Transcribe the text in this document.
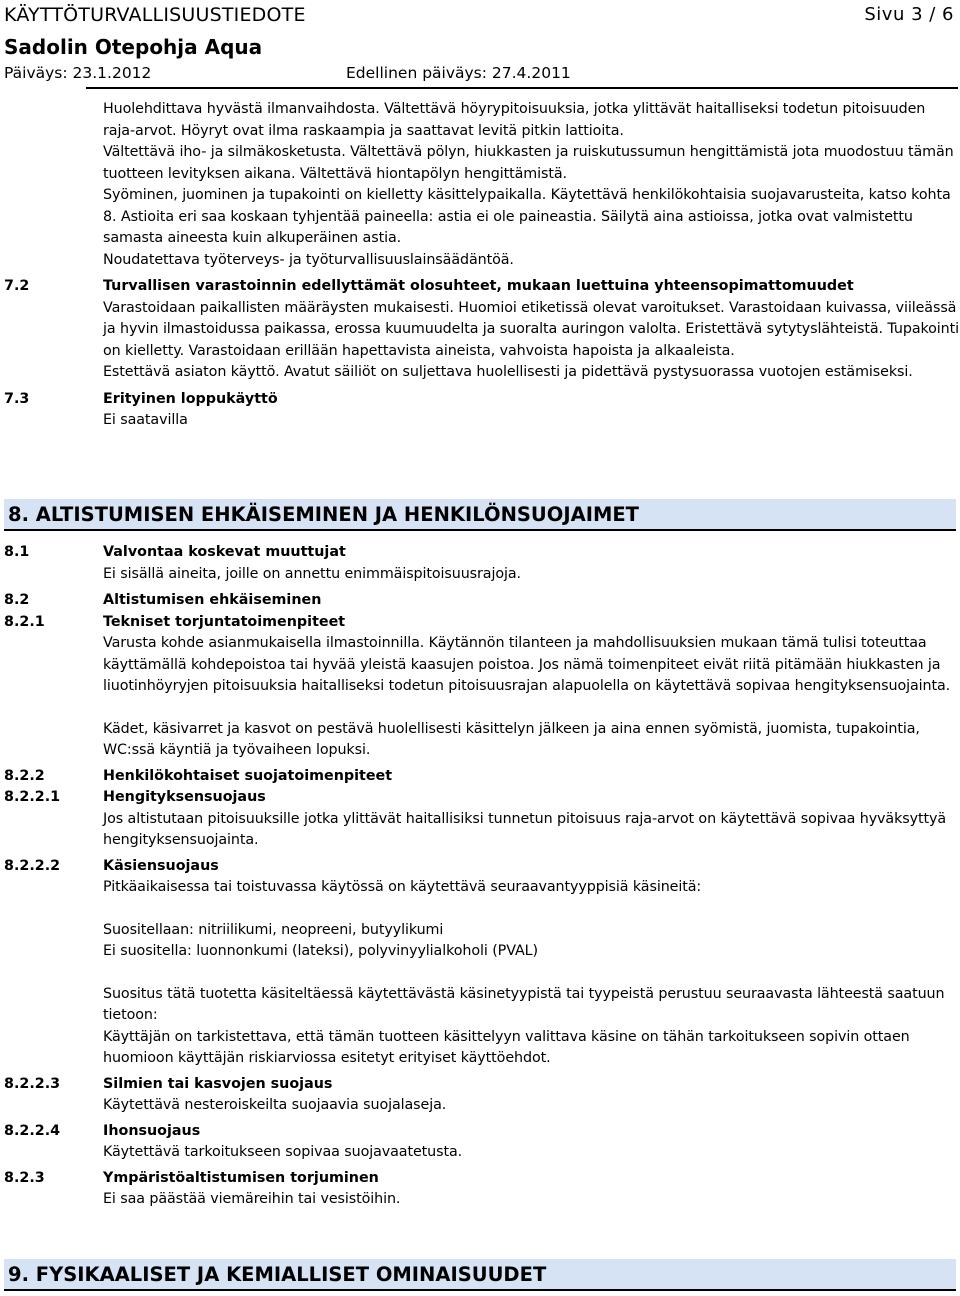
KÄYTTÖTURVALLISUUSTIEDOTE	Sivu 3 / 6
Sadolin Otepohja Aqua
Päiväys: 23.1.2012	Edellinen päiväys: 27.4.2011

Huolehdittava hyvästä ilmanvaihdosta. Vältettävä höyrypitoisuuksia, jotka ylittävät haitalliseksi todetun pitoisuuden raja-arvot. Höyryt ovat ilma raskaampia ja saattavat levitä pitkin lattioita.

Vältettävä iho- ja silmäkosketusta. Vältettävä pölyn, hiukkasten ja ruiskutussumun hengittämistä jota muodostuu tämän tuotteen levityksen aikana. Vältettävä hiontapölyn hengittämistä.

Syöminen, juominen ja tupakointi on kielletty käsittelypaikalla. Käytettävä henkilökohtaisia suojavarusteita, katso kohta 8. Astioita eri saa koskaan tyhjentää paineella: astia ei ole paineastia. Säilytä aina astioissa, jotka ovat valmistettu samasta aineesta kuin alkuperäinen astia.

Noudatettava työterveys- ja työturvallisuuslainsäädäntöä.

7.2	Turvallisen varastoinnin edellyttämät olosuhteet, mukaan luettuina yhteensopimattomuudet

Varastoidaan paikallisten määräysten mukaisesti. Huomioi etiketissä olevat varoitukset. Varastoidaan kuivassa, viileässä ja hyvin ilmastoidussa paikassa, erossa kuumuudelta ja suoralta auringon valolta. Eristettävä sytytyslähteistä. Tupakointi on kielletty. Varastoidaan erillään hapettavista aineista, vahvoista hapoista ja alkaaleista.

Estettävä asiaton käyttö. Avatut säiliöt on suljettava huolellisesti ja pidettävä pystysuorassa vuotojen estämiseksi.

7.3	Erityinen loppukäyttö

Ei saatavilla

8. ALTISTUMISEN EHKÄISEMINEN JA HENKILÖNSUOJAIMET
8.1	Valvontaa koskevat muuttujat

Ei sisällä aineita, joille on annettu enimmäispitoisuusrajoja.

8.2	Altistumisen ehkäiseminen
8.2.1	Tekniset torjuntatoimenpiteet

Varusta kohde asianmukaisella ilmastoinnilla. Käytännön tilanteen ja mahdollisuuksien mukaan tämä tulisi toteuttaa käyttämällä kohdepoistoa tai hyvää yleistä kaasujen poistoa. Jos nämä toimenpiteet eivät riitä pitämään hiukkasten ja liuotinhöyryjen pitoisuuksia haitalliseksi todetun pitoisuusrajan alapuolella on käytettävä sopivaa hengityksensuojainta.

Kädet, käsivarret ja kasvot on pestävä huolellisesti käsittelyn jälkeen ja aina ennen syömistä, juomista, tupakointia, WC:ssä käyntiä ja työvaiheen lopuksi.

8.2.2	Henkilökohtaiset suojatoimenpiteet
8.2.2.1	Hengityksensuojaus

Jos altistutaan pitoisuuksille jotka ylittävät haitallisiksi tunnetun pitoisuus raja-arvot on käytettävä sopivaa hyväksyttyä hengityksensuojainta.

8.2.2.2	Käsiensuojaus

Pitkäaikaisessa tai toistuvassa käytössä on käytettävä seuraavantyyppisiä käsineitä:

Suositellaan: nitriilikumi, neopreeni, butyylikumi

Ei suositella: luonnonkumi (lateksi), polyvinyylialkoholi (PVAL)

Suositus tätä tuotetta käsiteltäessä käytettävästä käsinetyypistä tai tyypeistä perustuu seuraavasta lähteestä saatuun tietoon:

Käyttäjän on tarkistettava, että tämän tuotteen käsittelyyn valittava käsine on tähän tarkoitukseen sopivin ottaen huomioon käyttäjän riskiarviossa esitetyt erityiset käyttöehdot.

8.2.2.3	Silmien tai kasvojen suojaus

Käytettävä nesteroiskeilta suojaavia suojalaseja.

8.2.2.4	Ihonsuojaus

Käytettävä tarkoitukseen sopivaa suojavaatetusta.

8.2.3	Ympäristöaltistumisen torjuminen

Ei saa päästää viemäreihin tai vesistöihin.

9. FYSIKAALISET JA KEMIALLISET OMINAISUUDET
